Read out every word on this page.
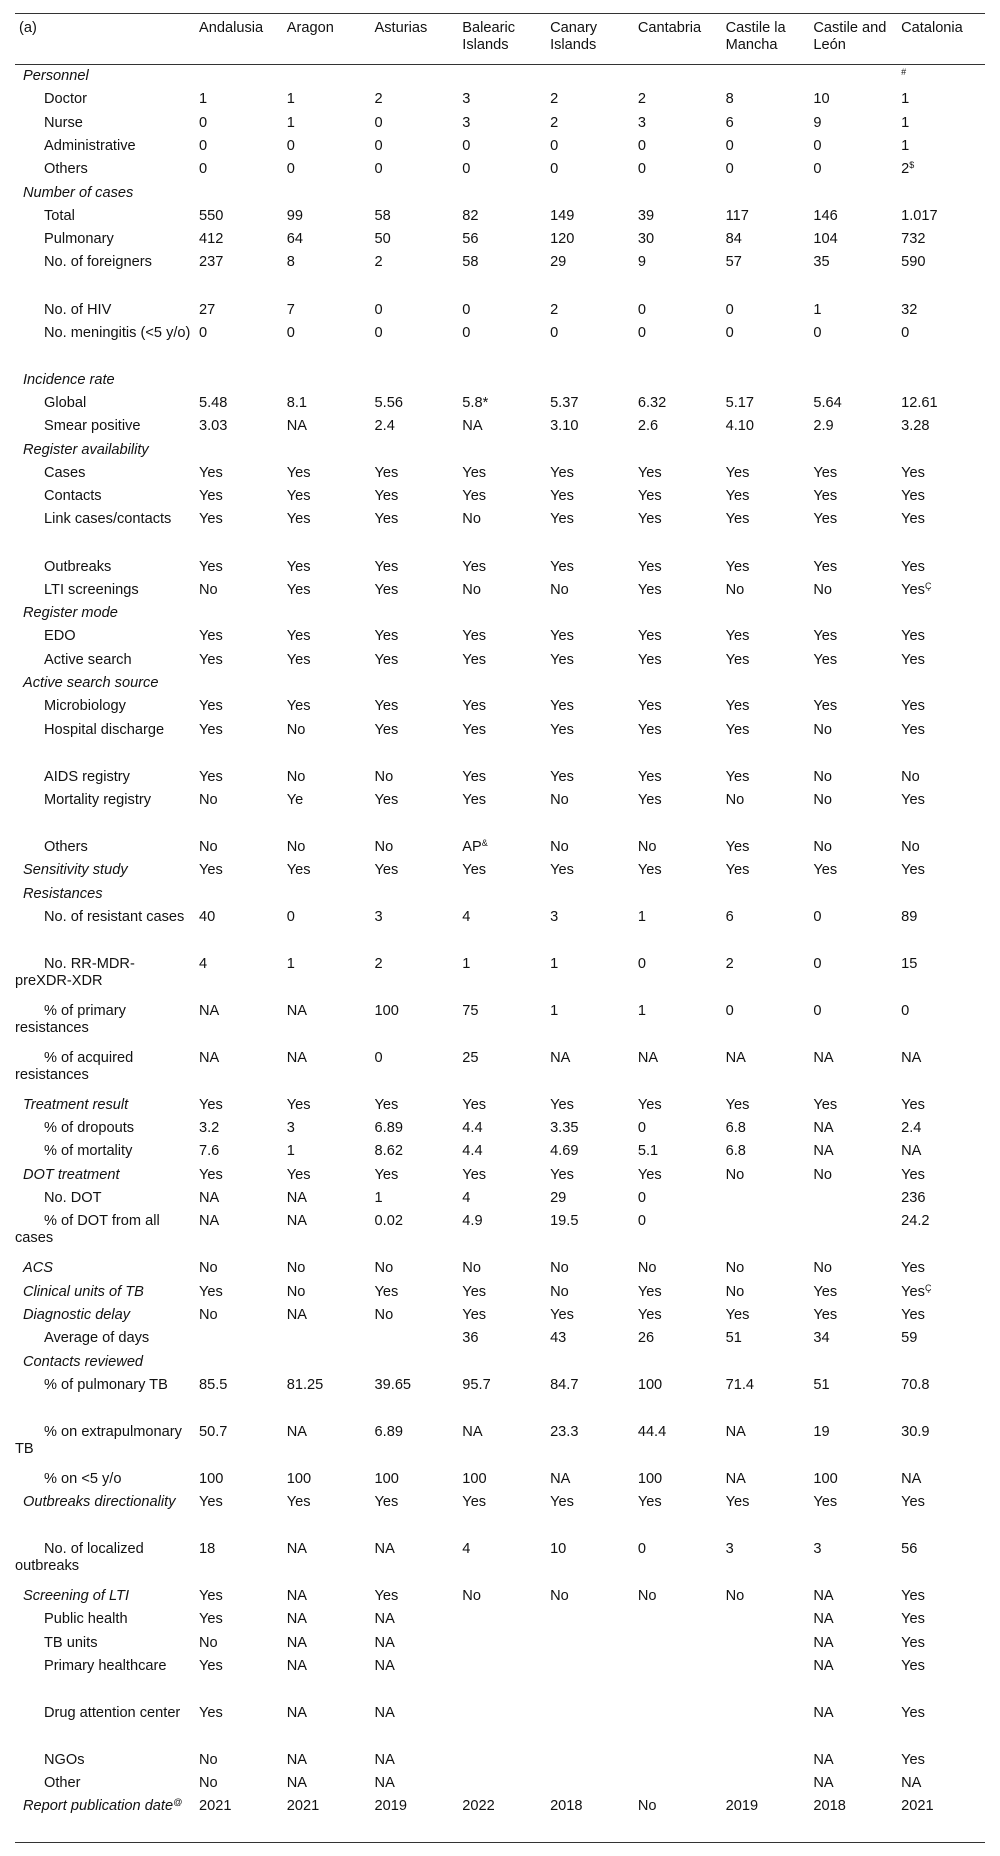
(a)	Andalusia	Aragon	Asturias	Balearic Islands	Canary Islands	Cantabria	Castile la Mancha	Castile and León	Catalonia
Personnel									#
Doctor	1	1	2	3	2	2	8	10	1
Nurse	0	1	0	3	2	3	6	9	1
Administrative	0	0	0	0	0	0	0	0	1
Others	0	0	0	0	0	0	0	0	2$
Number of cases									
Total	550	99	58	82	149	39	117	146	1.017
Pulmonary	412	64	50	56	120	30	84	104	732
No. of foreigners	237	8	2	58	29	9	57	35	590
No. of HIV	27	7	0	0	2	0	0	1	32
No. meningitis (<5 y/o)	0	0	0	0	0	0	0	0	0
Incidence rate									
Global	5.48	8.1	5.56	5.8*	5.37	6.32	5.17	5.64	12.61
Smear positive	3.03	NA	2.4	NA	3.10	2.6	4.10	2.9	3.28
Register availability									
Cases	Yes	Yes	Yes	Yes	Yes	Yes	Yes	Yes	Yes
Contacts	Yes	Yes	Yes	Yes	Yes	Yes	Yes	Yes	Yes
Link cases/contacts	Yes	Yes	Yes	No	Yes	Yes	Yes	Yes	Yes
Outbreaks	Yes	Yes	Yes	Yes	Yes	Yes	Yes	Yes	Yes
LTI screenings	No	Yes	Yes	No	No	Yes	No	No	Yes$^Ç$
Register mode									
EDO	Yes	Yes	Yes	Yes	Yes	Yes	Yes	Yes	Yes
Active search	Yes	Yes	Yes	Yes	Yes	Yes	Yes	Yes	Yes
Active search source									
Microbiology	Yes	Yes	Yes	Yes	Yes	Yes	Yes	Yes	Yes
Hospital discharge	Yes	No	Yes	Yes	Yes	Yes	Yes	No	Yes
AIDS registry	Yes	No	No	Yes	Yes	Yes	Yes	No	No
Mortality registry	No	Ye	Yes	Yes	No	Yes	No	No	Yes
Others	No	No	No	AP&	No	No	Yes	No	No
Sensitivity study	Yes	Yes	Yes	Yes	Yes	Yes	Yes	Yes	Yes
Resistances									
No. of resistant cases	40	0	3	4	3	1	6	0	89
No. RR-MDR-preXDR-XDR	4	1	2	1	1	0	2	0	15
% of primary resistances	NA	NA	100	75	1	1	0	0	0
% of acquired resistances	NA	NA	0	25	NA	NA	NA	NA	NA
Treatment result	Yes	Yes	Yes	Yes	Yes	Yes	Yes	Yes	Yes
% of dropouts	3.2	3	6.89	4.4	3.35	0	6.8	NA	2.4
% of mortality	7.6	1	8.62	4.4	4.69	5.1	6.8	NA	NA
DOT treatment	Yes	Yes	Yes	Yes	Yes	Yes	No	No	Yes
No. DOT	NA	NA	1	4	29	0			236
% of DOT from all cases	NA	NA	0.02	4.9	19.5	0			24.2
ACS	No	No	No	No	No	No	No	No	Yes
Clinical units of TB	Yes	No	Yes	Yes	No	Yes	No	Yes	Yes$^Ç$
Diagnostic delay	No	NA	No	Yes	Yes	Yes	Yes	Yes	Yes
Average of days				36	43	26	51	34	59
Contacts reviewed									
% of pulmonary TB	85.5	81.25	39.65	95.7	84.7	100	71.4	51	70.8
% on extrapulmonary TB	50.7	NA	6.89	NA	23.3	44.4	NA	19	30.9
% on <5 y/o	100	100	100	100	NA	100	NA	100	NA
Outbreaks directionality	Yes	Yes	Yes	Yes	Yes	Yes	Yes	Yes	Yes
No. of localized outbreaks	18	NA	NA	4	10	0	3	3	56
Screening of LTI	Yes	NA	Yes	No	No	No	No	NA	Yes
Public health	Yes	NA	NA					NA	Yes
TB units	No	NA	NA					NA	Yes
Primary healthcare	Yes	NA	NA					NA	Yes
Drug attention center	Yes	NA	NA					NA	Yes
NGOs	No	NA	NA					NA	Yes
Other	No	NA	NA					NA	NA
Report publication date@	2021	2021	2019	2022	2018	No	2019	2018	2021
